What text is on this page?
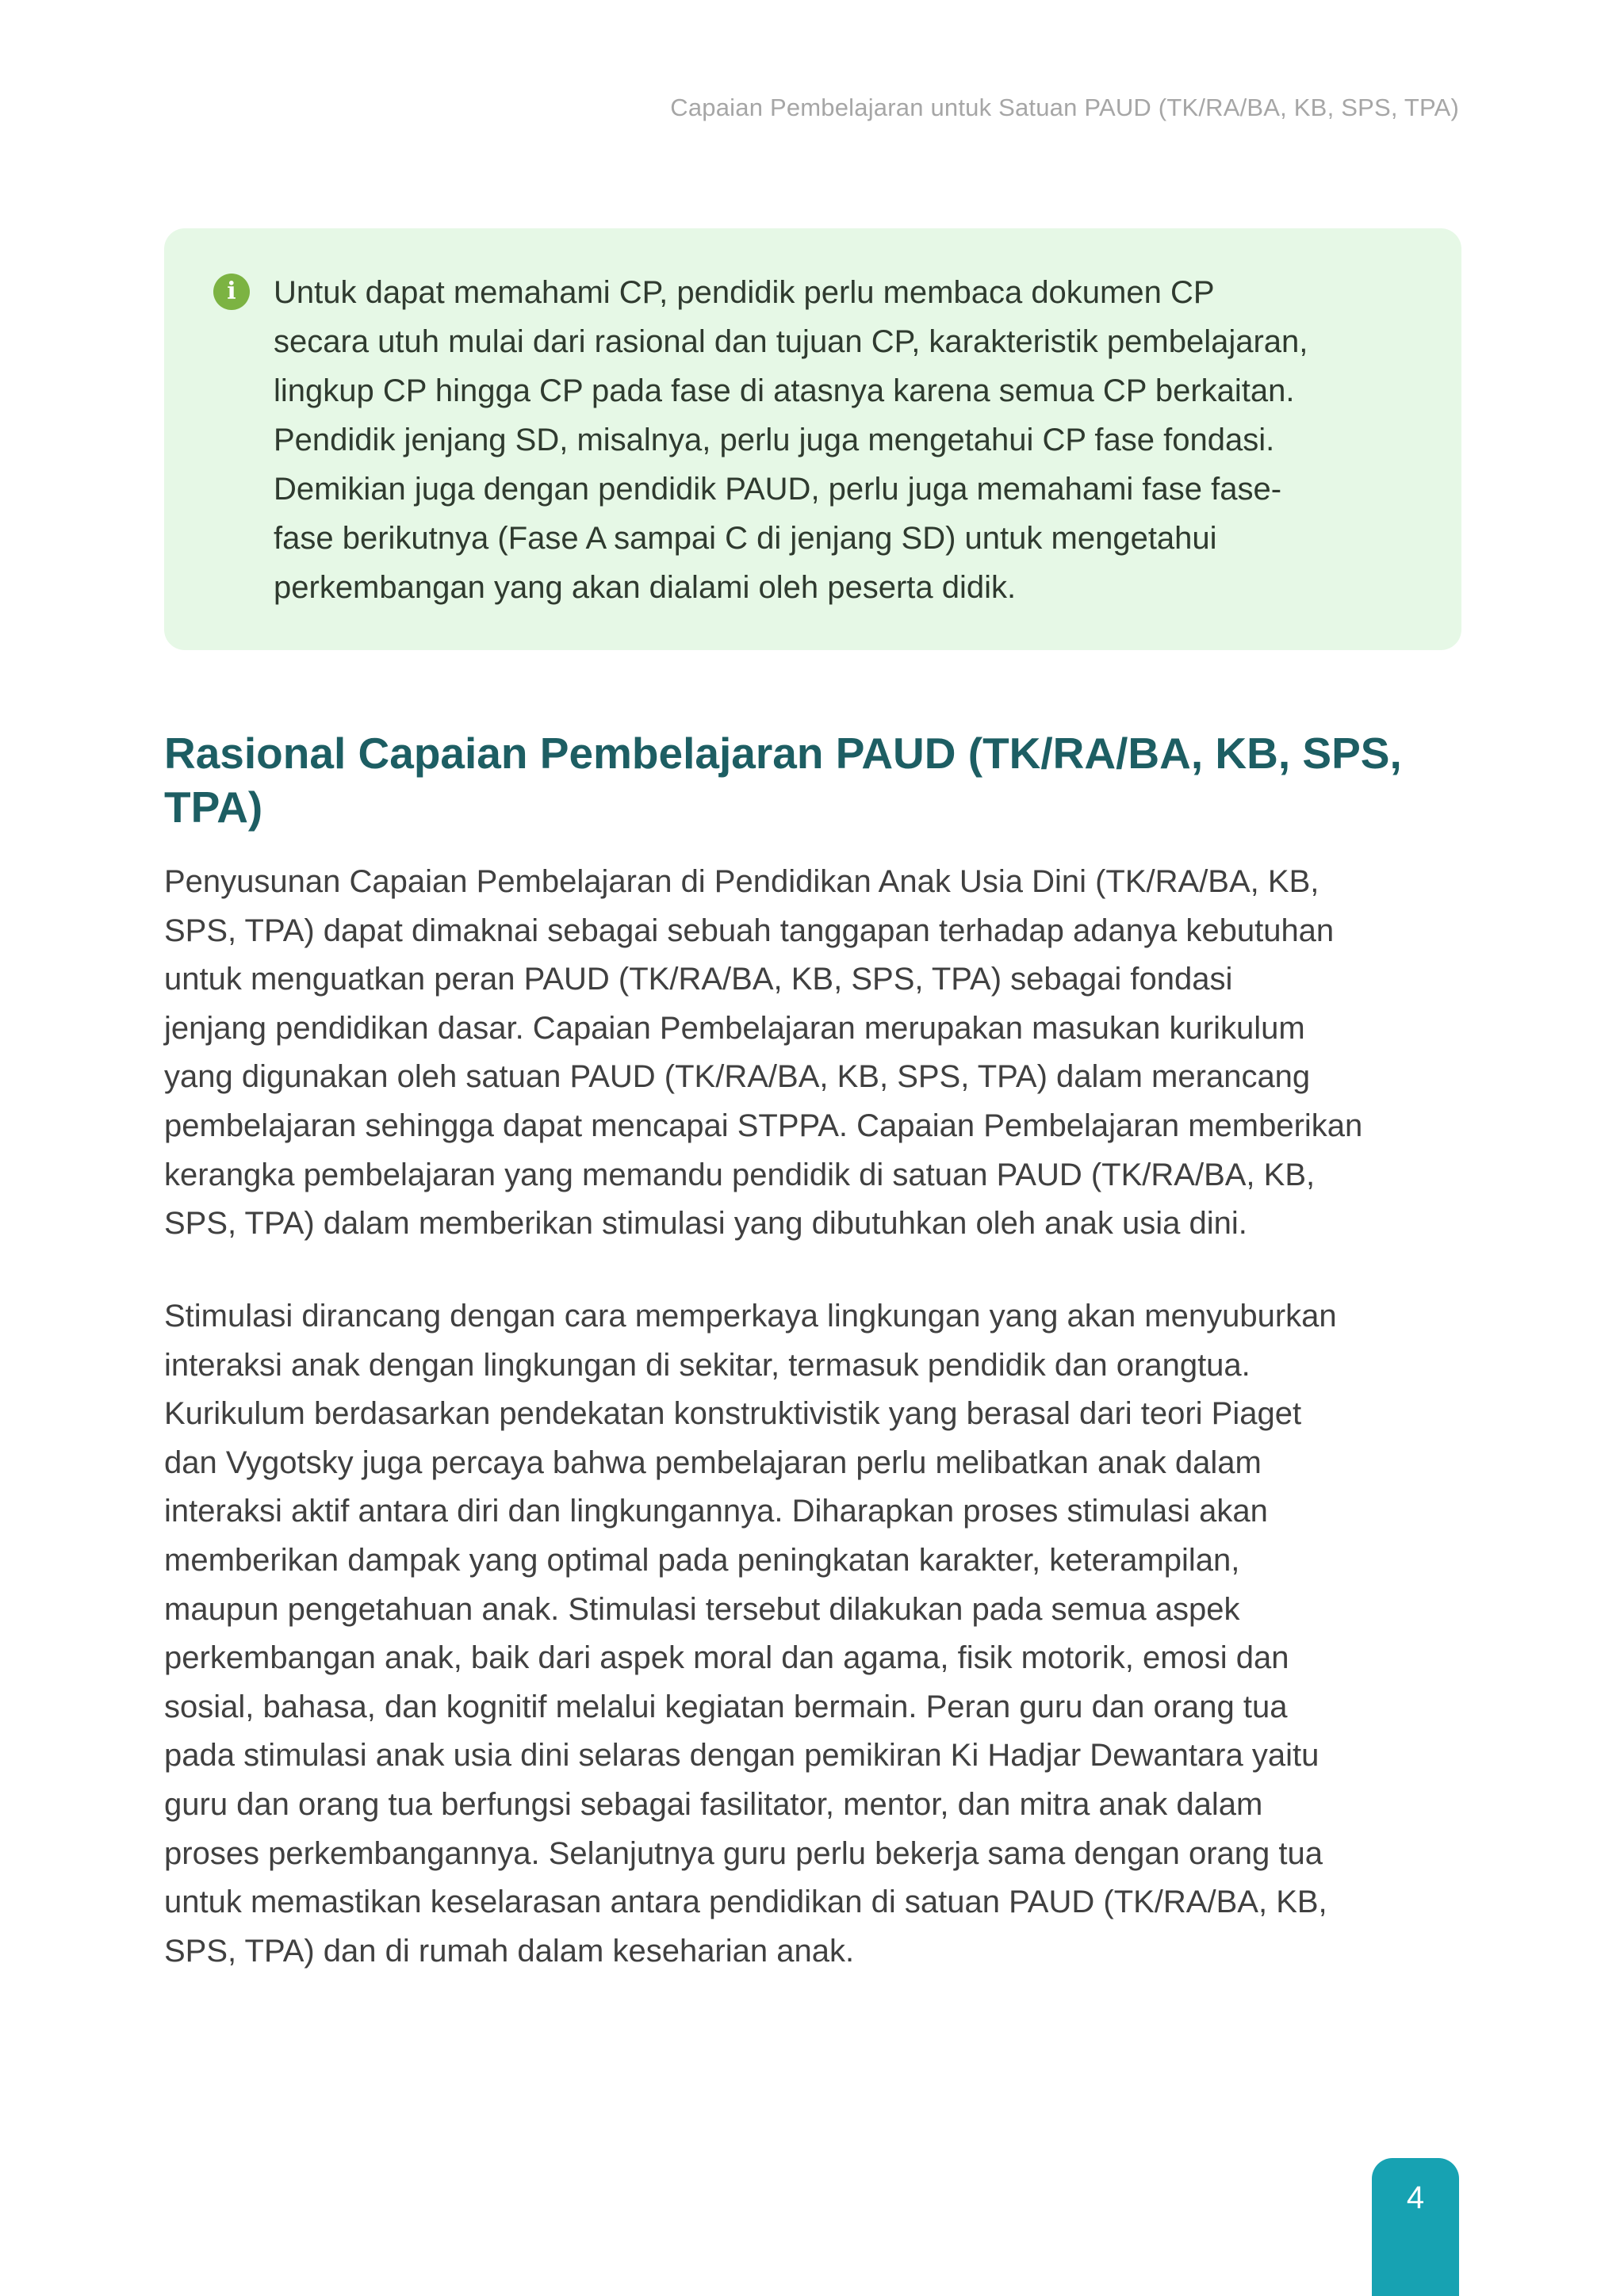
Capaian Pembelajaran untuk Satuan PAUD (TK/RA/BA, KB, SPS, TPA)
i	Untuk dapat memahami CP, pendidik perlu membaca dokumen CP
secara utuh mulai dari rasional dan tujuan CP, karakteristik pembelajaran,
lingkup CP hingga CP pada fase di atasnya karena semua CP berkaitan.
Pendidik jenjang SD, misalnya, perlu juga mengetahui CP fase fondasi.
Demikian juga dengan pendidik PAUD, perlu juga memahami fase fase-
fase berikutnya (Fase A sampai C di jenjang SD) untuk mengetahui
perkembangan yang akan dialami oleh peserta didik.
Rasional Capaian Pembelajaran PAUD (TK/RA/BA, KB, SPS,
TPA)
Penyusunan Capaian Pembelajaran di Pendidikan Anak Usia Dini (TK/RA/BA, KB,
SPS, TPA) dapat dimaknai sebagai sebuah tanggapan terhadap adanya kebutuhan
untuk menguatkan peran PAUD (TK/RA/BA, KB, SPS, TPA) sebagai fondasi
jenjang pendidikan dasar. Capaian Pembelajaran merupakan masukan kurikulum
yang digunakan oleh satuan PAUD (TK/RA/BA, KB, SPS, TPA) dalam merancang
pembelajaran sehingga dapat mencapai STPPA. Capaian Pembelajaran memberikan
kerangka pembelajaran yang memandu pendidik di satuan PAUD (TK/RA/BA, KB,
SPS, TPA) dalam memberikan stimulasi yang dibutuhkan oleh anak usia dini.
Stimulasi dirancang dengan cara memperkaya lingkungan yang akan menyuburkan
interaksi anak dengan lingkungan di sekitar, termasuk pendidik dan orangtua.
Kurikulum berdasarkan pendekatan konstruktivistik yang berasal dari teori Piaget
dan Vygotsky juga percaya bahwa pembelajaran perlu melibatkan anak dalam
interaksi aktif antara diri dan lingkungannya. Diharapkan proses stimulasi akan
memberikan dampak yang optimal pada peningkatan karakter, keterampilan,
maupun pengetahuan anak. Stimulasi tersebut dilakukan pada semua aspek
perkembangan anak, baik dari aspek moral dan agama, fisik motorik, emosi dan
sosial, bahasa, dan kognitif melalui kegiatan bermain. Peran guru dan orang tua
pada stimulasi anak usia dini selaras dengan pemikiran Ki Hadjar Dewantara yaitu
guru dan orang tua berfungsi sebagai fasilitator, mentor, dan mitra anak dalam
proses perkembangannya. Selanjutnya guru perlu bekerja sama dengan orang tua
untuk memastikan keselarasan antara pendidikan di satuan PAUD (TK/RA/BA, KB,
SPS, TPA) dan di rumah dalam keseharian anak.
4
